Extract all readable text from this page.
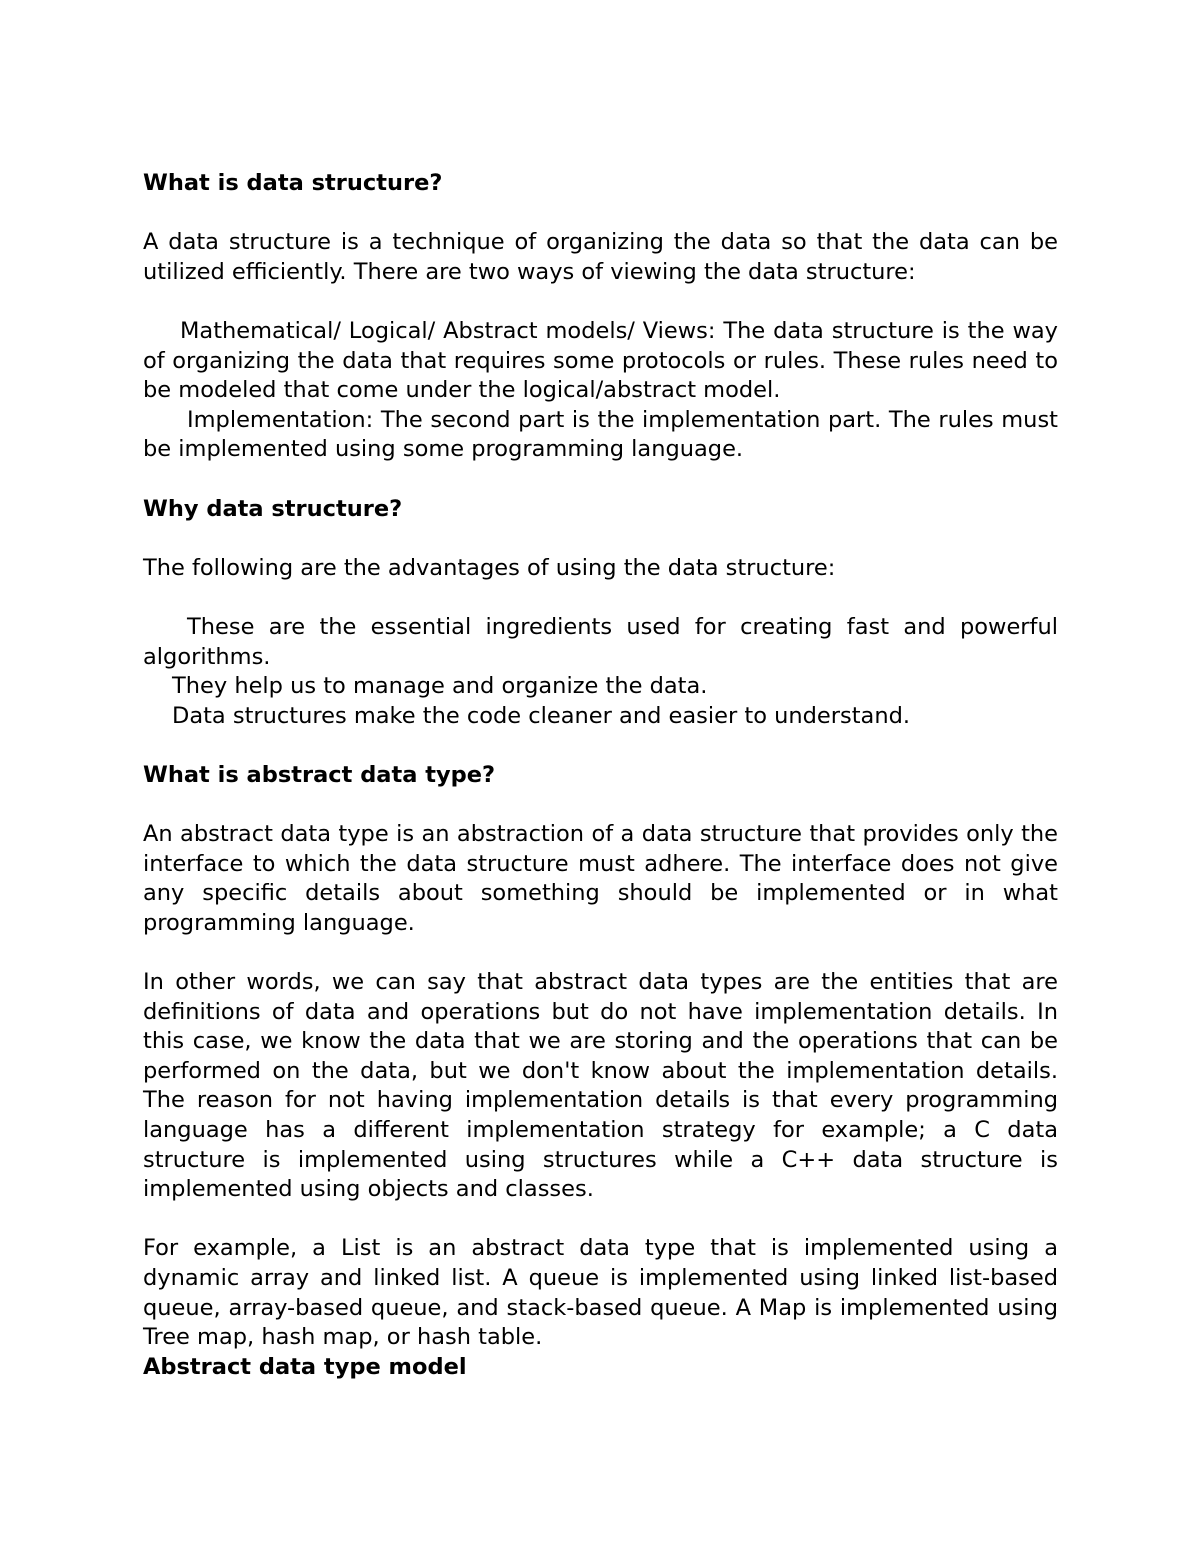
What is data structure?

A data structure is a technique of organizing the data so that the data can be utilized efficiently. There are two ways of viewing the data structure:

Mathematical/ Logical/ Abstract models/ Views: The data structure is the way of organizing the data that requires some protocols or rules. These rules need to be modeled that come under the logical/abstract model.

Implementation: The second part is the implementation part. The rules must be implemented using some programming language.

Why data structure?

The following are the advantages of using the data structure:

These are the essential ingredients used for creating fast and powerful algorithms.

They help us to manage and organize the data.

Data structures make the code cleaner and easier to understand.

What is abstract data type?

An abstract data type is an abstraction of a data structure that provides only the interface to which the data structure must adhere. The interface does not give any specific details about something should be implemented or in what programming language.

In other words, we can say that abstract data types are the entities that are definitions of data and operations but do not have implementation details. In this case, we know the data that we are storing and the operations that can be performed on the data, but we don't know about the implementation details. The reason for not having implementation details is that every programming language has a different implementation strategy for example; a C data structure is implemented using structures while a C++ data structure is implemented using objects and classes.

For example, a List is an abstract data type that is implemented using a dynamic array and linked list. A queue is implemented using linked list-based queue, array-based queue, and stack-based queue. A Map is implemented using Tree map, hash map, or hash table.

Abstract data type model
